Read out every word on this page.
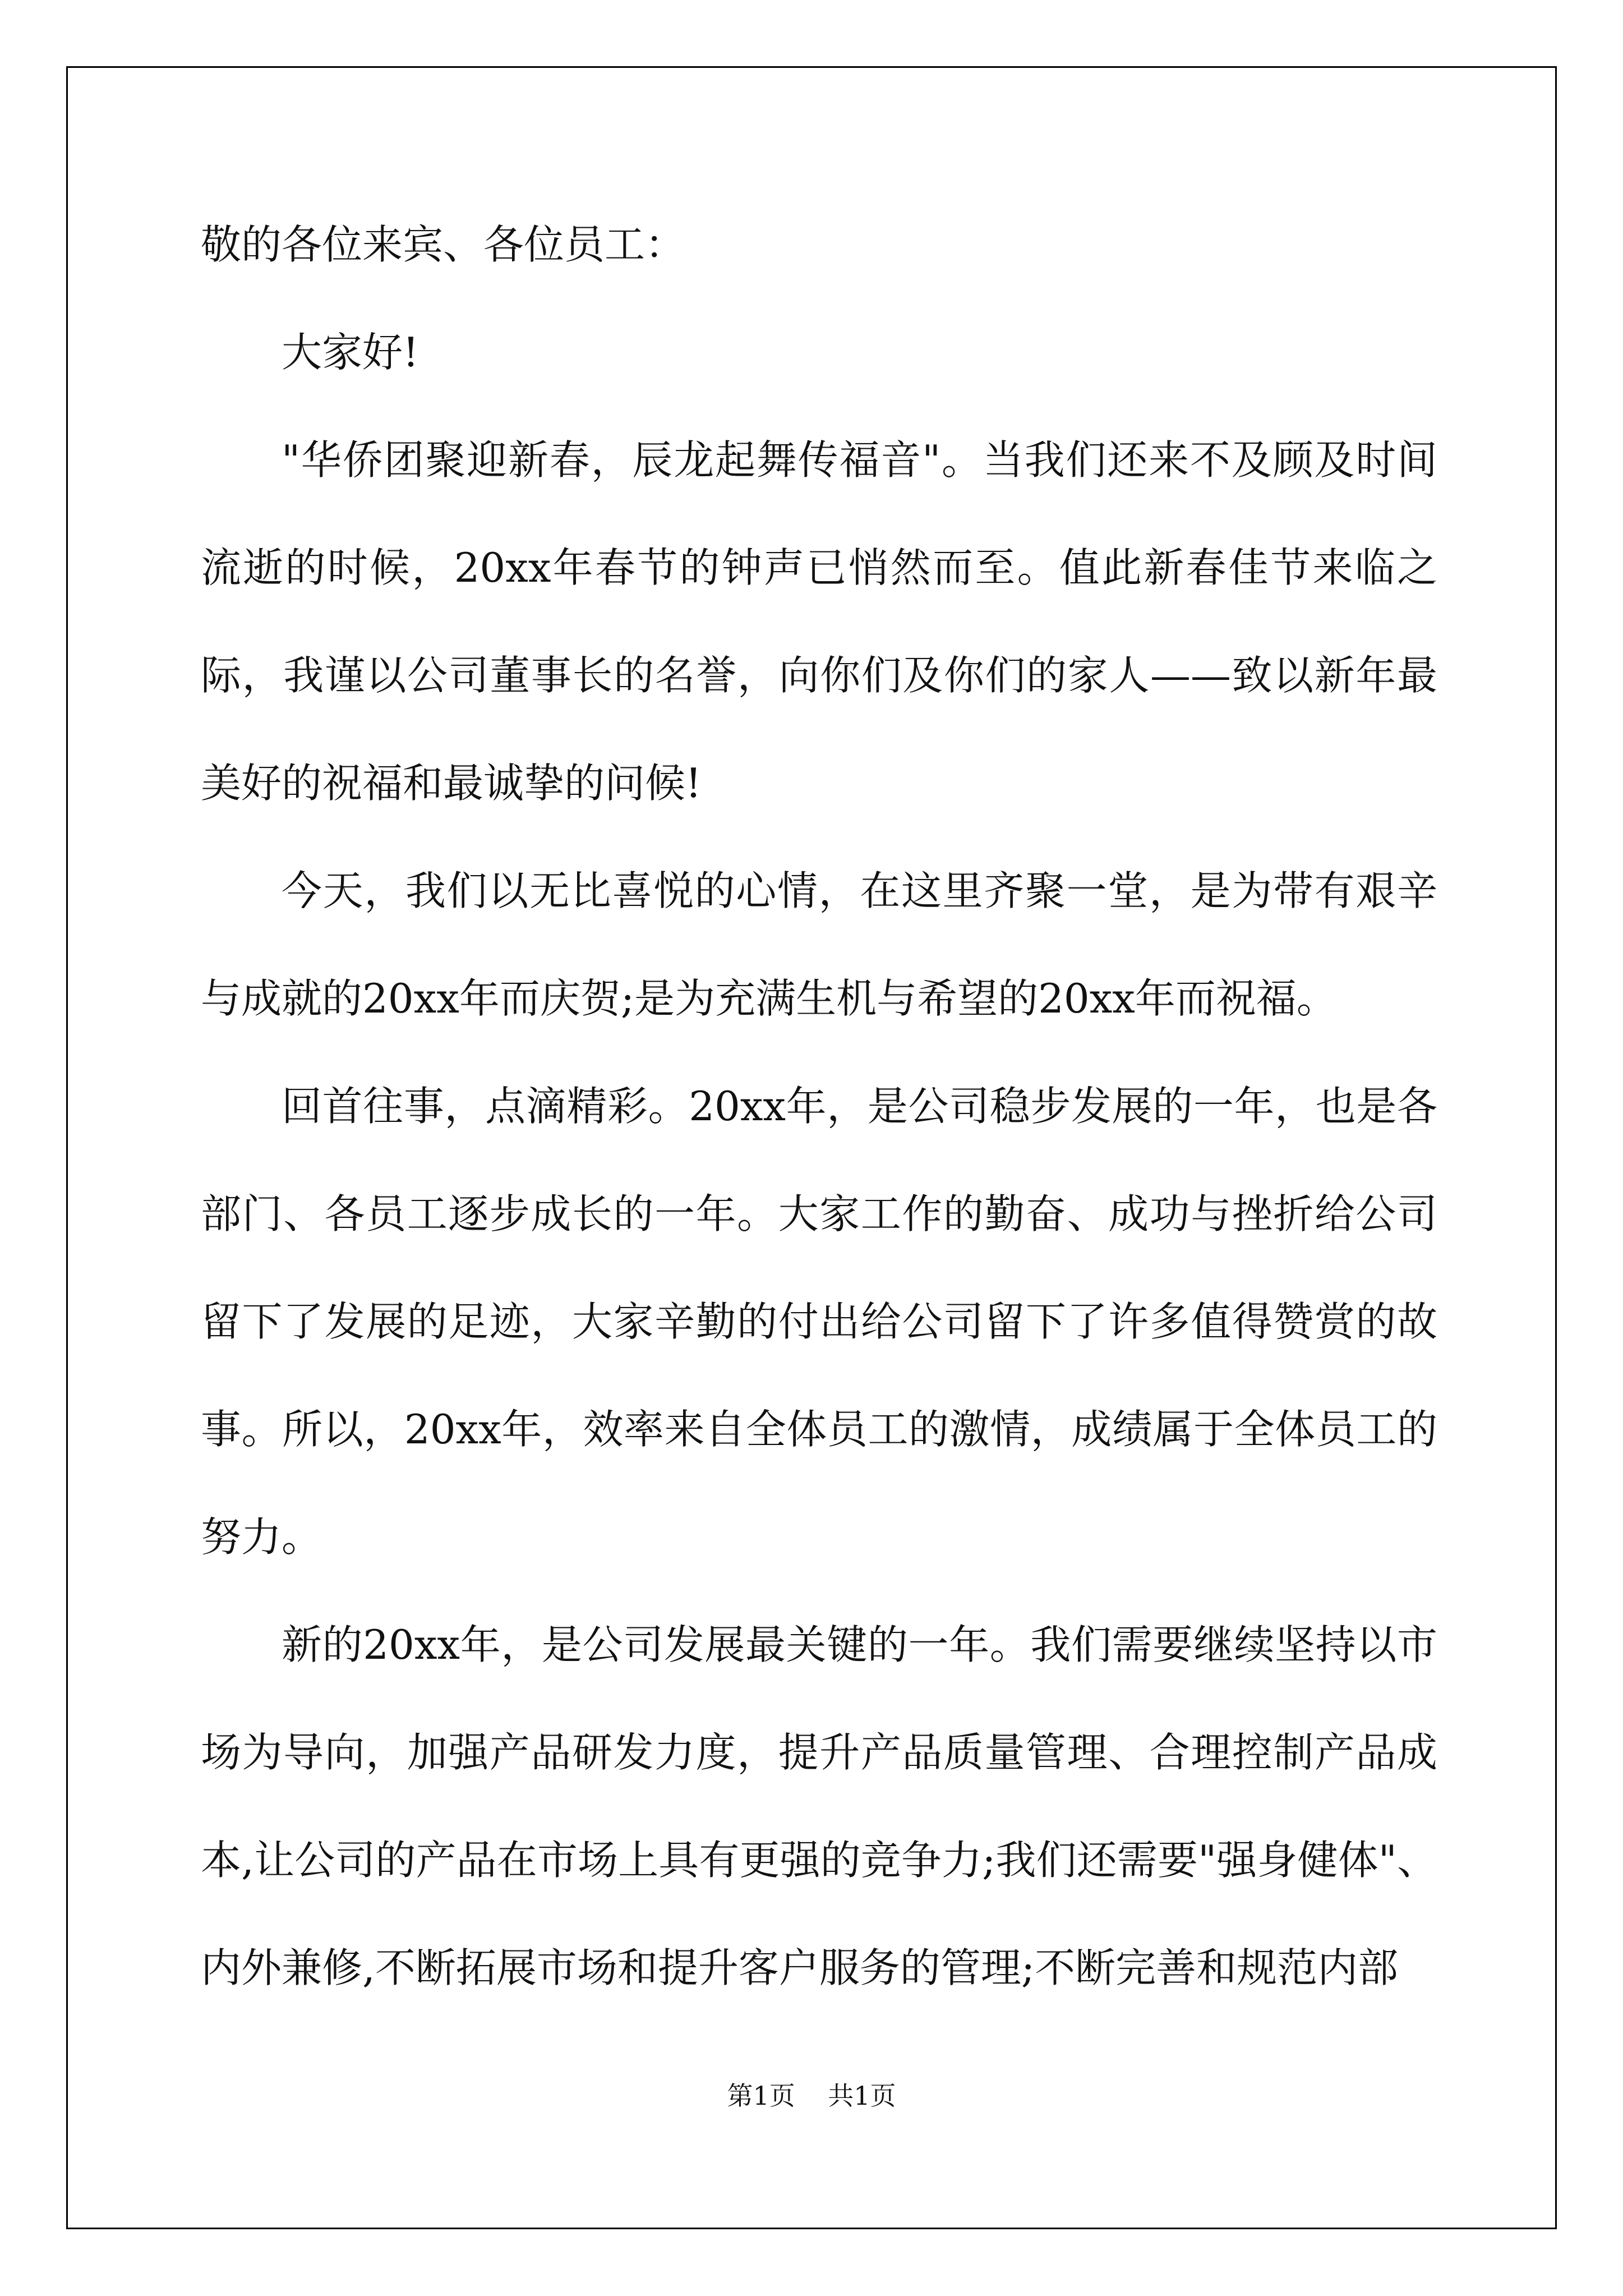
敬的各位来宾、各位员工：

大家好!

"华侨团聚迎新春，辰龙起舞传福音"。当我们还来不及顾及时间流逝的时候，20xx年春节的钟声已悄然而至。值此新春佳节来临之际，我谨以公司董事长的名誉，向你们及你们的家人——致以新年最美好的祝福和最诚挚的问候!

今天，我们以无比喜悦的心情，在这里齐聚一堂，是为带有艰辛与成就的20xx年而庆贺;是为充满生机与希望的20xx年而祝福。

回首往事，点滴精彩。20xx年，是公司稳步发展的一年，也是各部门、各员工逐步成长的一年。大家工作的勤奋、成功与挫折给公司留下了发展的足迹，大家辛勤的付出给公司留下了许多值得赞赏的故事。所以，20xx年，效率来自全体员工的激情，成绩属于全体员工的努力。

新的20xx年，是公司发展最关键的一年。我们需要继续坚持以市场为导向，加强产品研发力度，提升产品质量管理、合理控制产品成本,让公司的产品在市场上具有更强的竞争力;我们还需要"强身健体"、内外兼修,不断拓展市场和提升客户服务的管理;不断完善和规范内部

第1页 共1页
